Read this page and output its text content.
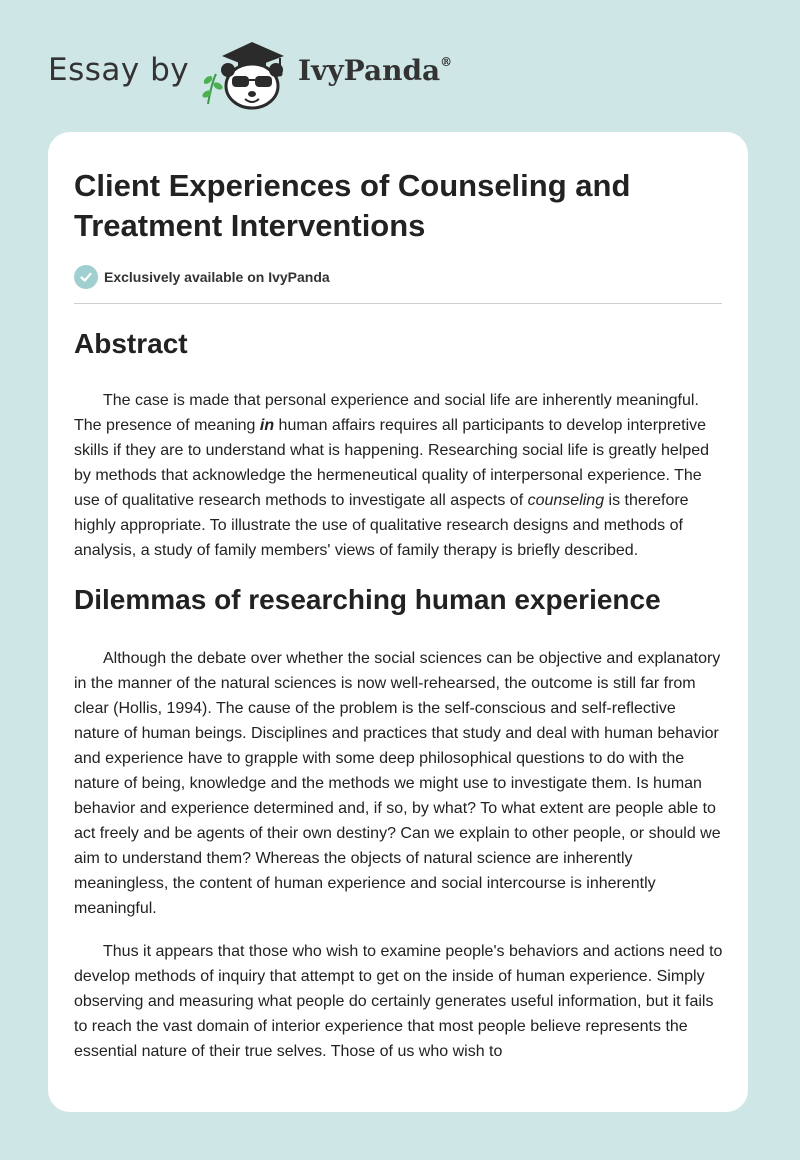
Essay by	IvyPanda®
Client Experiences of Counseling and Treatment Interventions
Exclusively available on IvyPanda
Abstract

The case is made that personal experience and social life are inherently meaningful. The presence of meaning in human affairs requires all participants to develop interpretive skills if they are to understand what is happening. Researching social life is greatly helped by methods that acknowledge the hermeneutical quality of interpersonal experience. The use of qualitative research methods to investigate all aspects of counseling is therefore highly appropriate. To illustrate the use of qualitative research designs and methods of analysis, a study of family members' views of family therapy is briefly described.

Dilemmas of researching human experience

Although the debate over whether the social sciences can be objective and explanatory in the manner of the natural sciences is now well-rehearsed, the outcome is still far from clear (Hollis, 1994). The cause of the problem is the self-conscious and self-reflective nature of human beings. Disciplines and practices that study and deal with human behavior and experience have to grapple with some deep philosophical questions to do with the nature of being, knowledge and the methods we might use to investigate them. Is human behavior and experience determined and, if so, by what? To what extent are people able to act freely and be agents of their own destiny? Can we explain to other people, or should we aim to understand them? Whereas the objects of natural science are inherently meaningless, the content of human experience and social intercourse is inherently meaningful.

Thus it appears that those who wish to examine people's behaviors and actions need to develop methods of inquiry that attempt to get on the inside of human experience. Simply observing and measuring what people do certainly generates useful information, but it fails to reach the vast domain of interior experience that most people believe represents the essential nature of their true selves. Those of us who wish to
